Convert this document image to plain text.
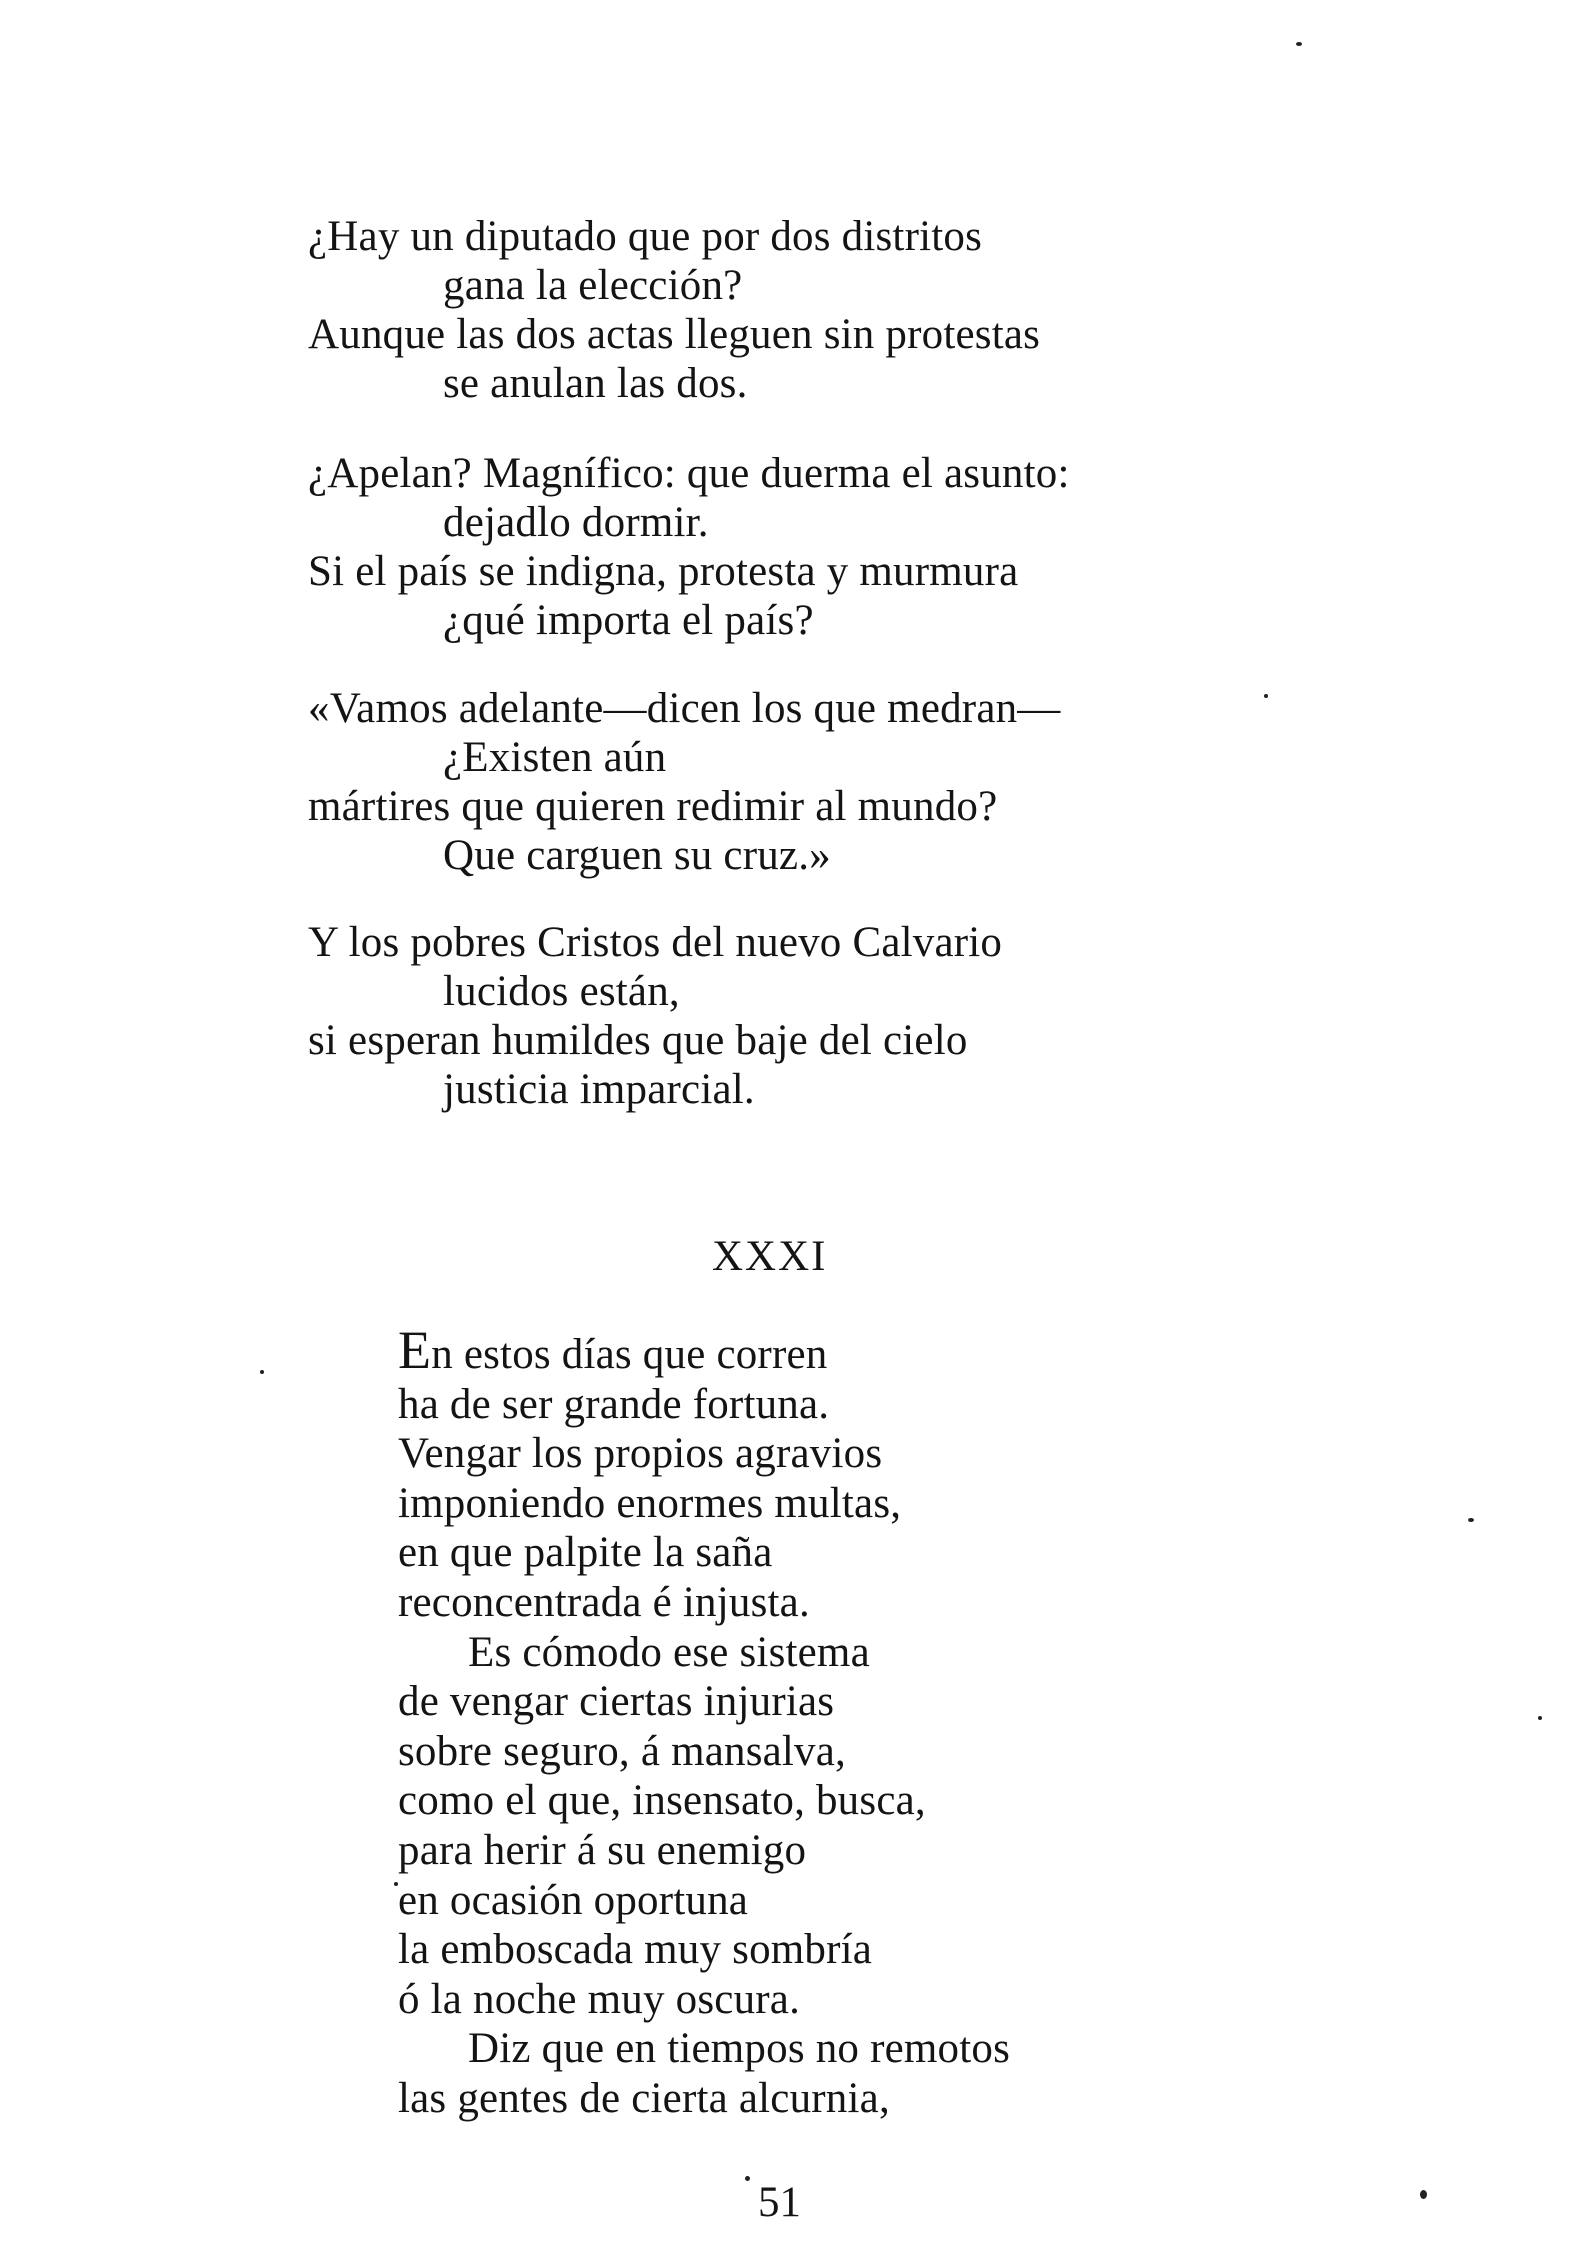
¿Hay un diputado que por dos distritos
gana la elección?
Aunque las dos actas lleguen sin protestas
se anulan las dos.
¿Apelan? Magnífico: que duerma el asunto:
dejadlo dormir.
Si el país se indigna, protesta y murmura
¿qué importa el país?
«Vamos adelante—dicen los que medran—
¿Existen aún
mártires que quieren redimir al mundo?
Que carguen su cruz.»
Y los pobres Cristos del nuevo Calvario
lucidos están,
si esperan humildes que baje del cielo
justicia imparcial.
XXXI
En estos días que corren
ha de ser grande fortuna.
Vengar los propios agravios
imponiendo enormes multas,
en que palpite la saña
reconcentrada é injusta.
Es cómodo ese sistema
de vengar ciertas injurias
sobre seguro, á mansalva,
como el que, insensato, busca,
para herir á su enemigo
en ocasión oportuna
la emboscada muy sombría
ó la noche muy oscura.
Diz que en tiempos no remotos
las gentes de cierta alcurnia,
51
